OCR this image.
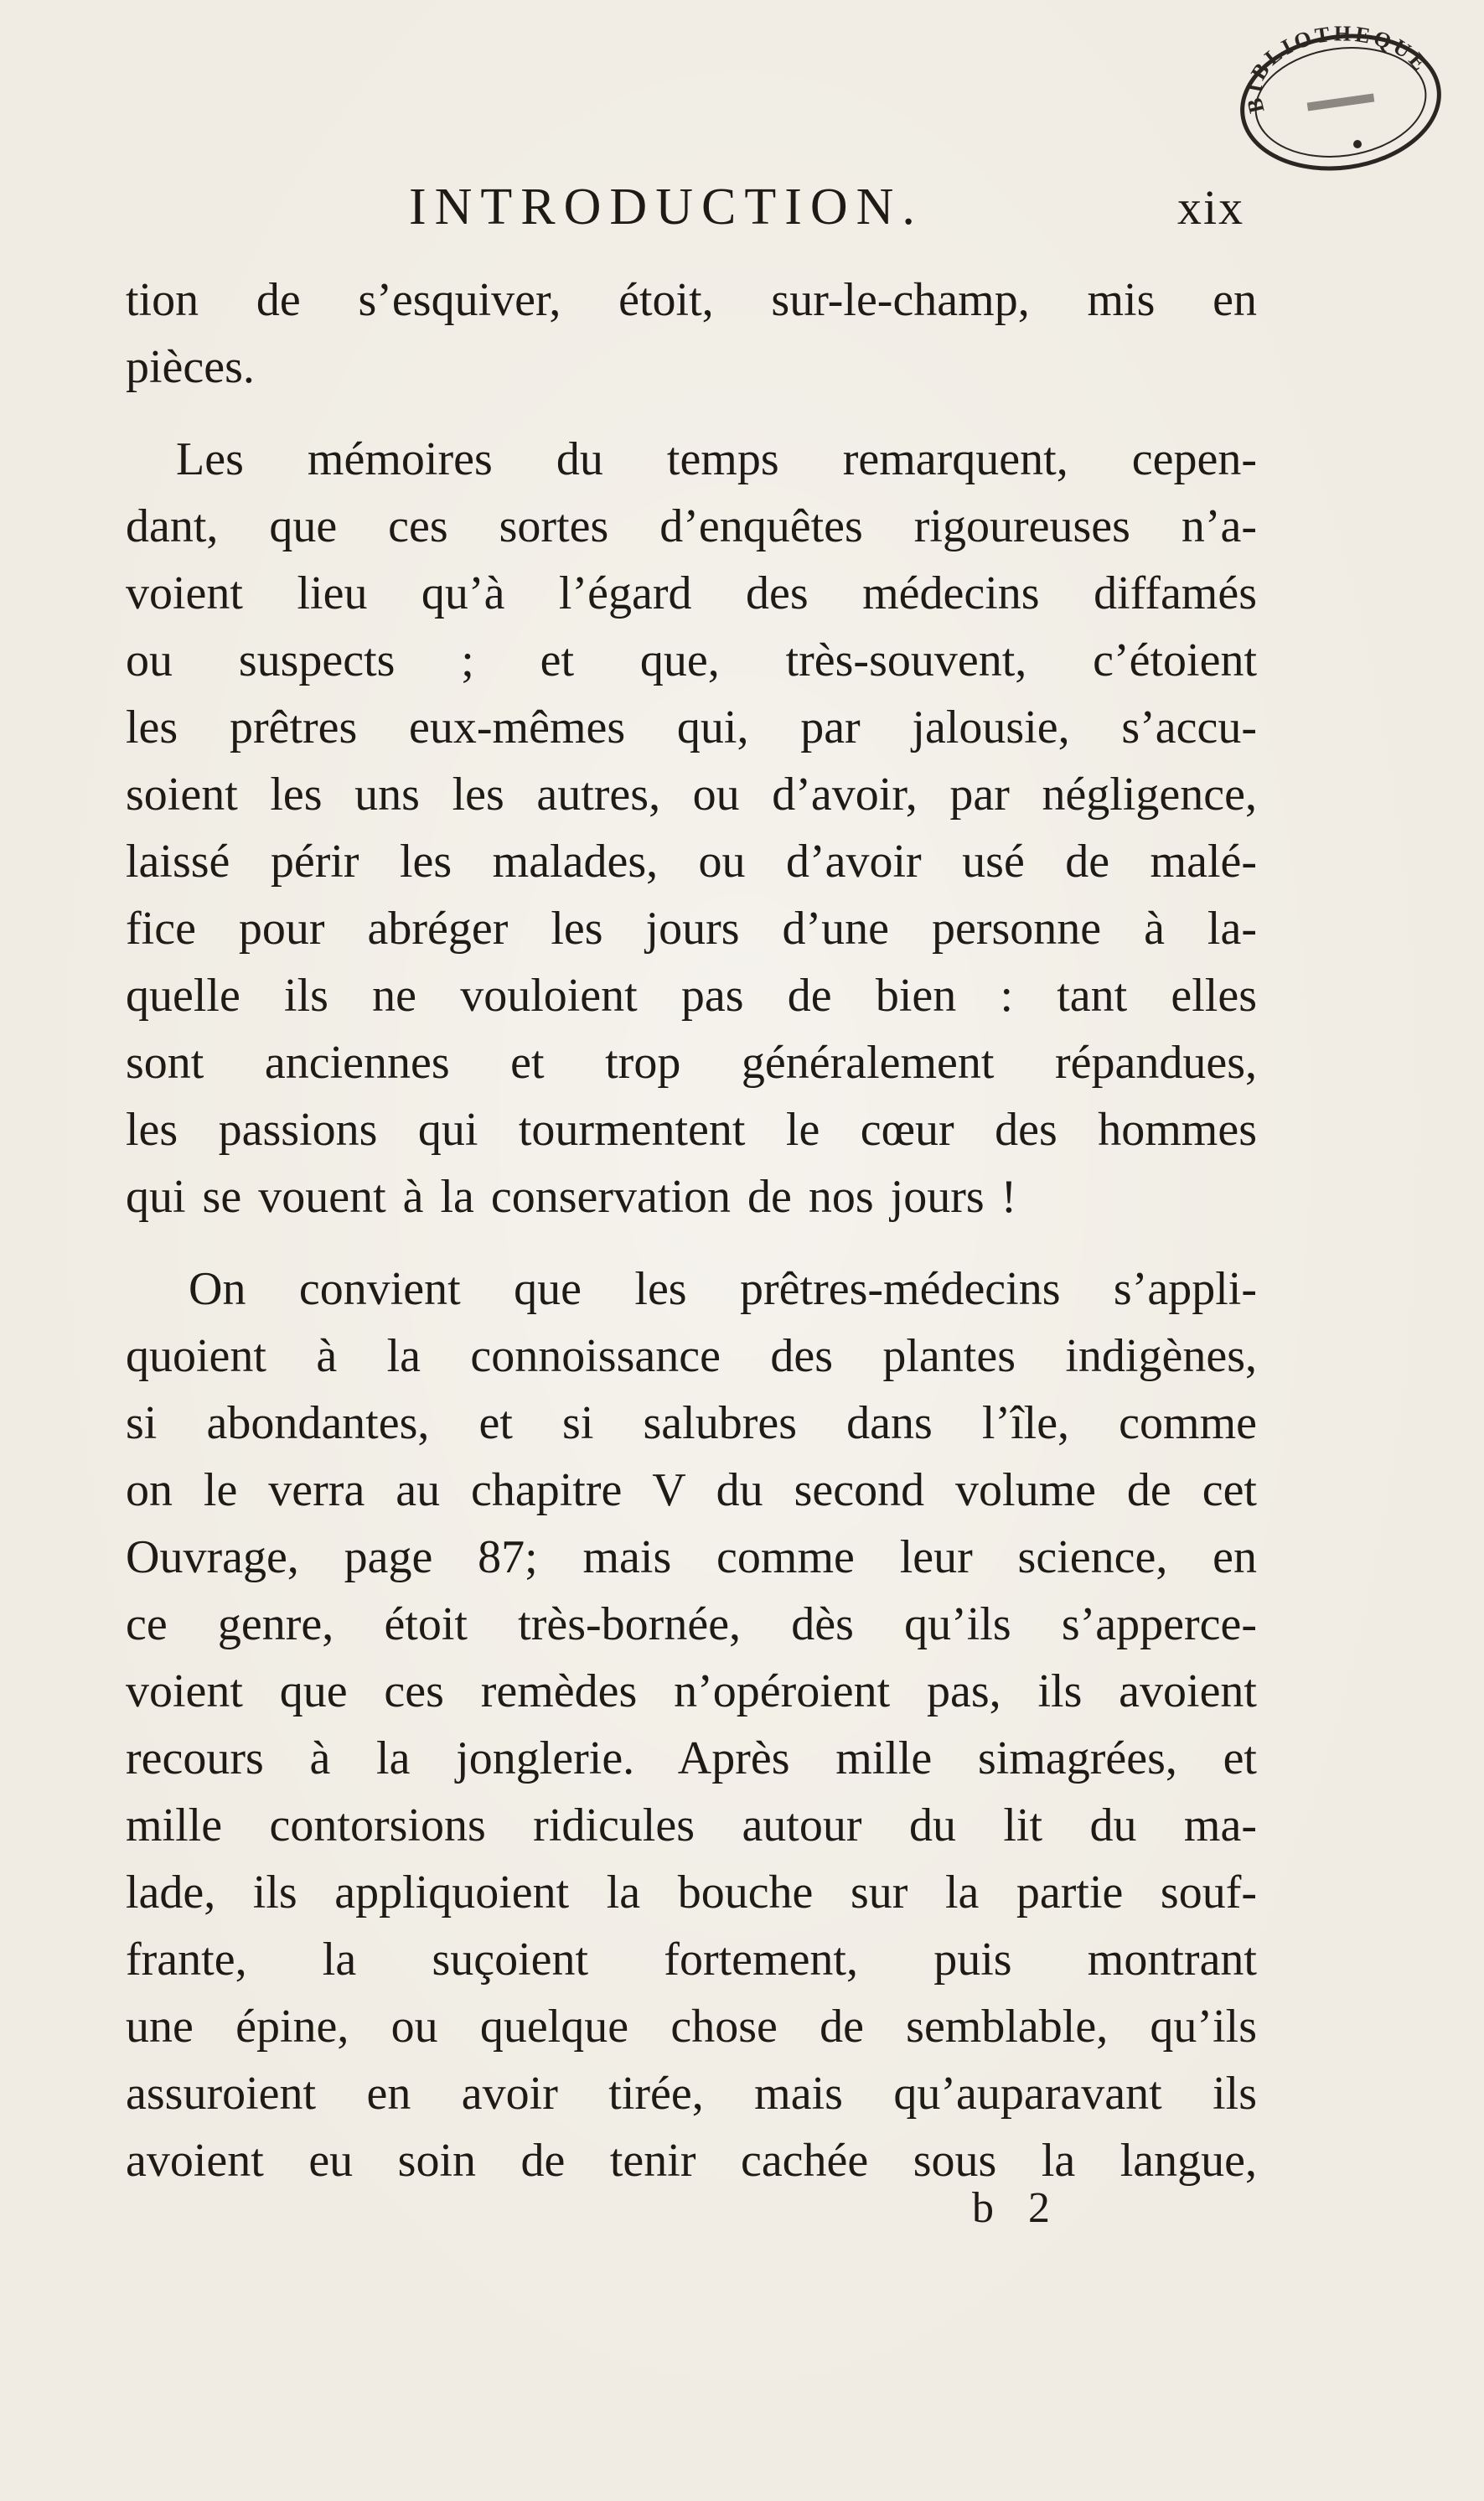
BIBLIOTHEQUE
INTRODUCTION.	xix
tion de s’esquiver, étoit, sur-le-champ, mis en
pièces.
Les mémoires du temps remarquent, cepen-
dant, que ces sortes d’enquêtes rigoureuses n’a-
voient lieu qu’à l’égard des médecins diffamés
ou suspects ; et que, très-souvent, c’étoient
les prêtres eux-mêmes qui, par jalousie, s’accu-
soient les uns les autres, ou d’avoir, par négligence,
laissé périr les malades, ou d’avoir usé de malé-
fice pour abréger les jours d’une personne à la-
quelle ils ne vouloient pas de bien : tant elles
sont anciennes et trop généralement répandues,
les passions qui tourmentent le cœur des hommes
qui se vouent à la conservation de nos jours !
On convient que les prêtres-médecins s’appli-
quoient à la connoissance des plantes indigènes,
si abondantes, et si salubres dans l’île, comme
on le verra au chapitre V du second volume de cet
Ouvrage, page 87; mais comme leur science, en
ce genre, étoit très-bornée, dès qu’ils s’apperce-
voient que ces remèdes n’opéroient pas, ils avoient
recours à la jonglerie. Après mille simagrées, et
mille contorsions ridicules autour du lit du ma-
lade, ils appliquoient la bouche sur la partie souf-
frante, la suçoient fortement, puis montrant
une épine, ou quelque chose de semblable, qu’ils
assuroient en avoir tirée, mais qu’auparavant ils
avoient eu soin de tenir cachée sous la langue,
b 2
